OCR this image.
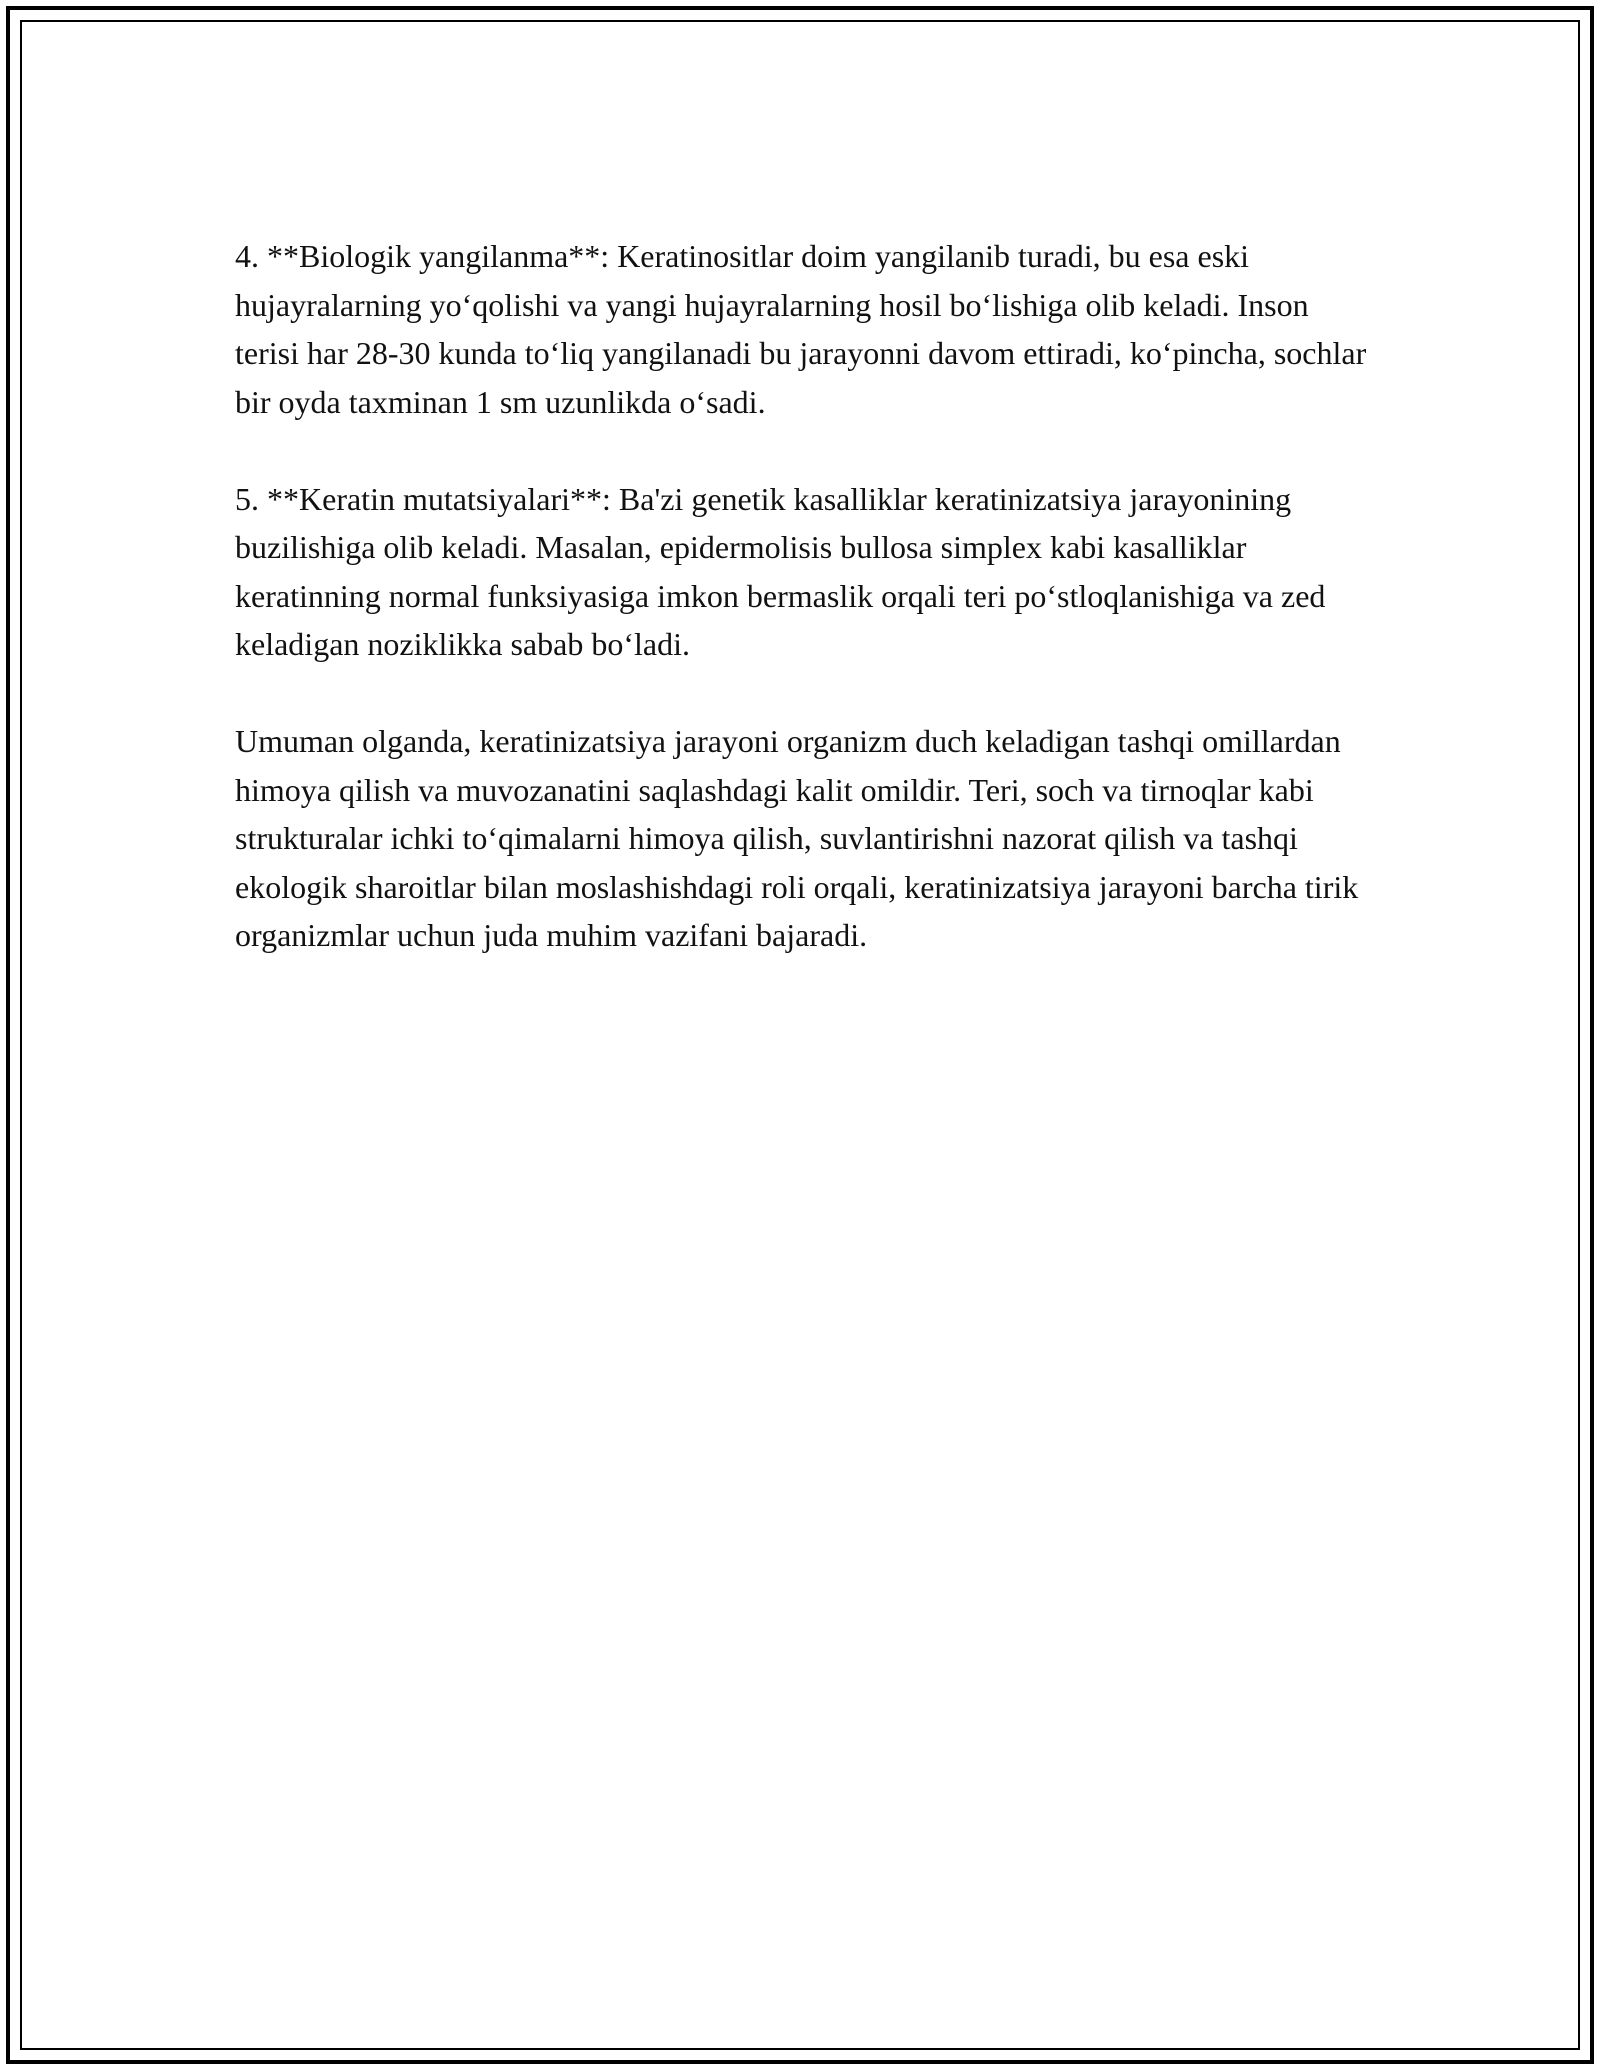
4. **Biologik yangilanma**: Keratinositlar doim yangilanib turadi, bu esa eski hujayralarning yo‘qolishi va yangi hujayralarning hosil bo‘lishiga olib keladi. Inson terisi har 28-30 kunda to‘liq yangilanadi bu jarayonni davom ettiradi, ko‘pincha, sochlar bir oyda taxminan 1 sm uzunlikda o‘sadi.

5. **Keratin mutatsiyalari**: Ba'zi genetik kasalliklar keratinizatsiya jarayonining buzilishiga olib keladi. Masalan, epidermolisis bullosa simplex kabi kasalliklar keratinning normal funksiyasiga imkon bermaslik orqali teri po‘stloqlanishiga va zed keladigan noziklikka sabab bo‘ladi.

Umuman olganda, keratinizatsiya jarayoni organizm duch keladigan tashqi omillardan himoya qilish va muvozanatini saqlashdagi kalit omildir. Teri, soch va tirnoqlar kabi strukturalar ichki to‘qimalarni himoya qilish, suvlantirishni nazorat qilish va tashqi ekologik sharoitlar bilan moslashishdagi roli orqali, keratinizatsiya jarayoni barcha tirik organizmlar uchun juda muhim vazifani bajaradi.
